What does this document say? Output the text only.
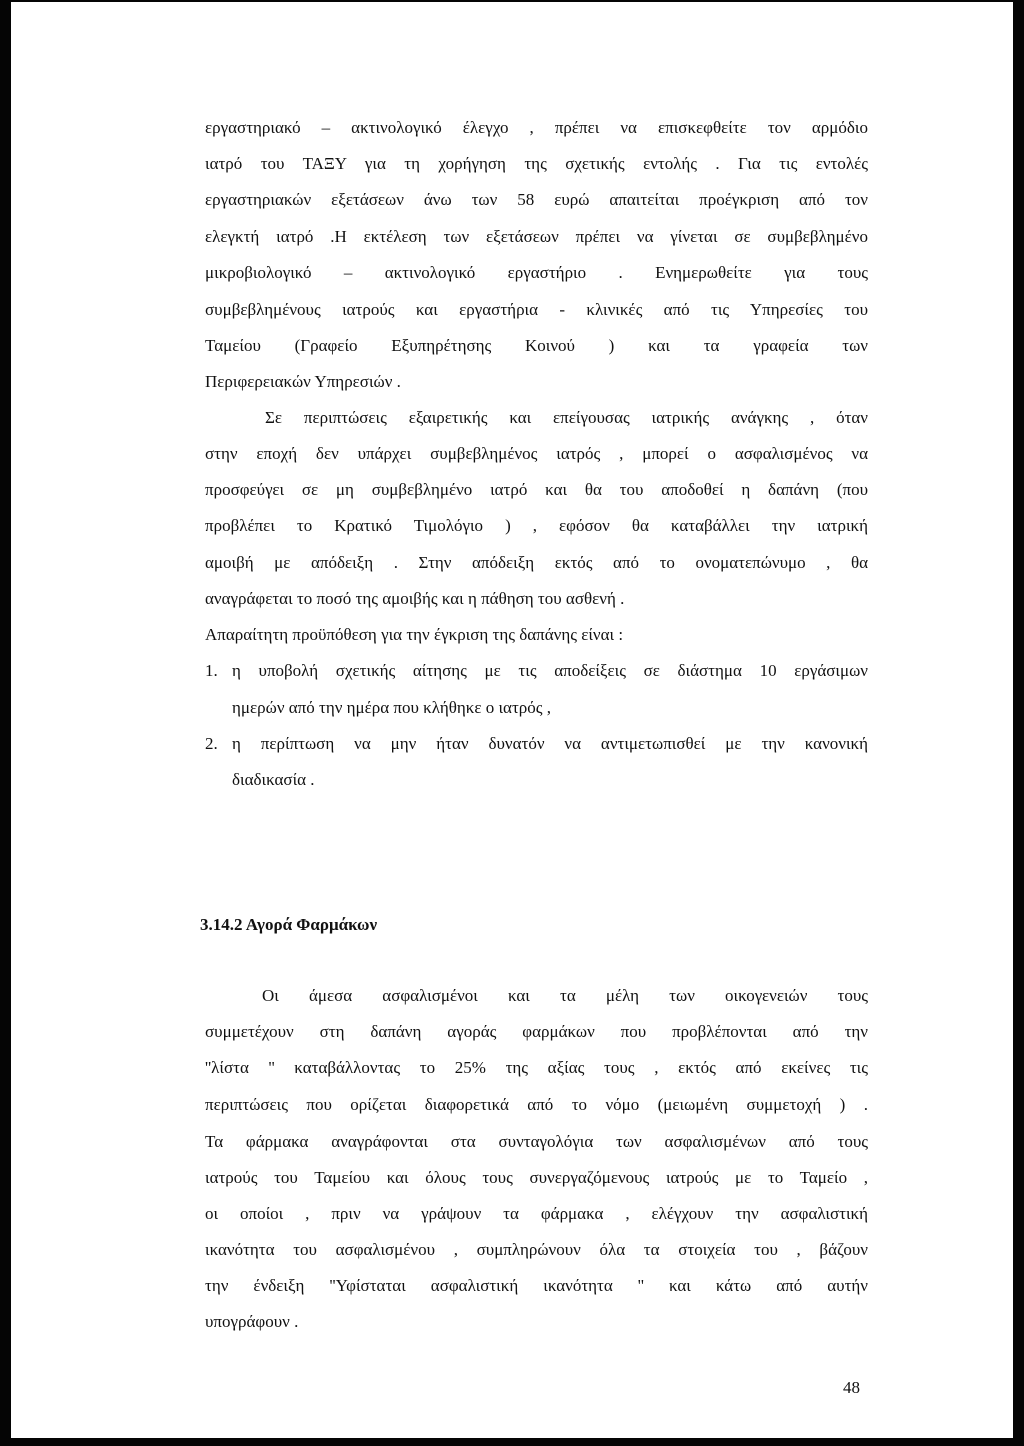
εργαστηριακό – ακτινολογικό έλεγχο , πρέπει να επισκεφθείτε τον αρμόδιο
ιατρό του ΤΑΞΥ για τη χορήγηση της σχετικής εντολής . Για τις εντολές
εργαστηριακών εξετάσεων άνω των 58 ευρώ απαιτείται προέγκριση από τον
ελεγκτή ιατρό .Η εκτέλεση των εξετάσεων πρέπει να γίνεται σε συμβεβλημένο
μικροβιολογικό – ακτινολογικό εργαστήριο . Ενημερωθείτε για τους
συμβεβλημένους ιατρούς και εργαστήρια - κλινικές από τις Υπηρεσίες του
Ταμείου (Γραφείο Εξυπηρέτησης Κοινού ) και τα γραφεία των
Περιφερειακών Υπηρεσιών .
Σε περιπτώσεις εξαιρετικής και επείγουσας ιατρικής ανάγκης , όταν
στην εποχή δεν υπάρχει συμβεβλημένος ιατρός , μπορεί ο ασφαλισμένος να
προσφεύγει σε μη συμβεβλημένο ιατρό και θα του αποδοθεί η δαπάνη (που
προβλέπει το Κρατικό Τιμολόγιο ) , εφόσον θα καταβάλλει την ιατρική
αμοιβή με απόδειξη . Στην απόδειξη εκτός από το ονοματεπώνυμο , θα
αναγράφεται το ποσό της αμοιβής και η πάθηση του ασθενή .
Απαραίτητη προϋπόθεση για την έγκριση της δαπάνης είναι :
1. η υποβολή σχετικής αίτησης με τις αποδείξεις σε διάστημα 10 εργάσιμων
ημερών από την ημέρα που κλήθηκε ο ιατρός ,
2. η περίπτωση να μην ήταν δυνατόν να αντιμετωπισθεί με την κανονική
διαδικασία .
3.14.2 Αγορά Φαρμάκων
Οι άμεσα ασφαλισμένοι και τα μέλη των οικογενειών τους
συμμετέχουν στη δαπάνη αγοράς φαρμάκων που προβλέπονται από την
''λίστα '' καταβάλλοντας το 25% της αξίας τους , εκτός από εκείνες τις
περιπτώσεις που ορίζεται διαφορετικά από το νόμο (μειωμένη συμμετοχή ) .
Τα φάρμακα αναγράφονται στα συνταγολόγια των ασφαλισμένων από τους
ιατρούς του Ταμείου και όλους τους συνεργαζόμενους ιατρούς με το Ταμείο ,
οι οποίοι , πριν να γράψουν τα φάρμακα , ελέγχουν την ασφαλιστική
ικανότητα του ασφαλισμένου , συμπληρώνουν όλα τα στοιχεία του , βάζουν
την ένδειξη ''Υφίσταται ασφαλιστική ικανότητα '' και κάτω από αυτήν
υπογράφουν .
48
